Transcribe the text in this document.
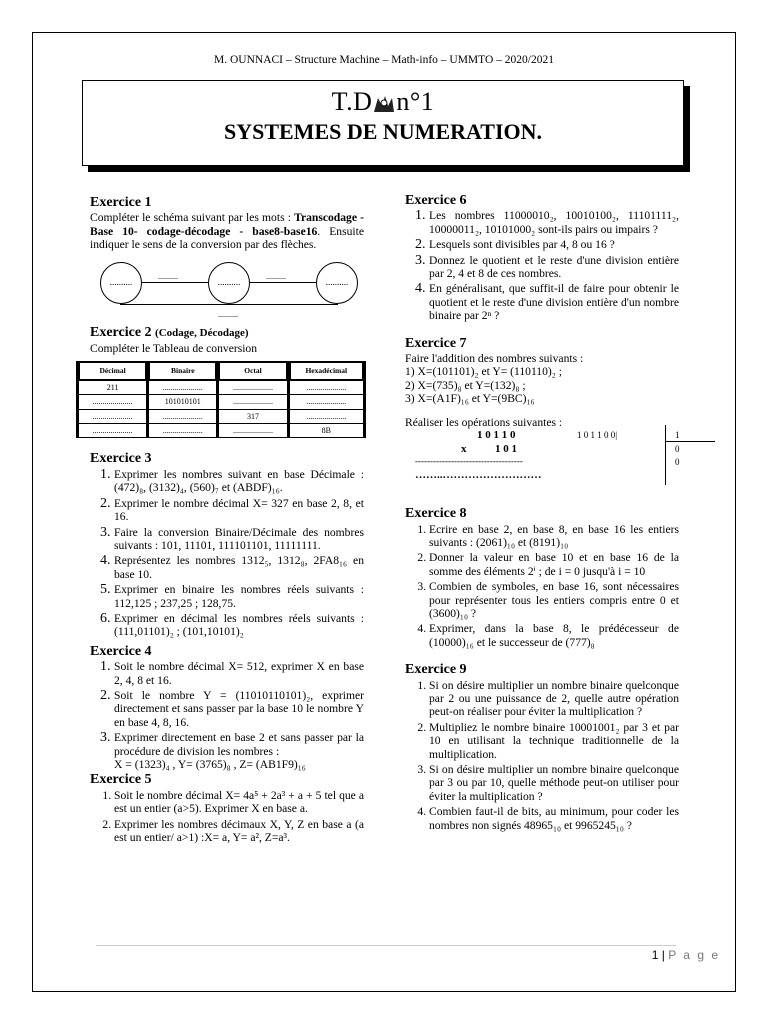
M. OUNNACI – Structure Machine – Math-info – UMMTO – 2020/2021
T.D n°1
SYSTEMES DE NUMERATION.
Exercice 1

Compléter le schéma suivant par les mots : Transcodage -Base 10- codage-décodage - base8-base16. Ensuite indiquer le sens de la conversion par des flèches.

..........	..........	..........
..........	..........
..........
Exercice 2 (Codage, Décodage)

Compléter le Tableau de conversion

Décimal	Binaire	Octal	Hexadécimal
211	....................	....................	....................
....................	101010101	....................	....................
....................	....................	317	....................
....................	....................	....................	8B
Exercice 3
1. Exprimer les nombres suivant en base Décimale :(472)₈, (3132)₄, (560)₇ et (ABDF)₁₆.
2. Exprimer le nombre décimal X= 327 en base 2, 8, et 16.
3. Faire la conversion Binaire/Décimale des nombres suivants : 101, 11101, 111101101, 11111111.
4. Représentez les nombres 1312₅, 1312₈, 2FA8₁₆ en base 10.
5. Exprimer en binaire les nombres réels suivants : 112,125 ; 237,25 ; 128,75.
6. Exprimer en décimal les nombres réels suivants : (111,01101)₂ ; (101,10101)₂
Exercice 4
1. Soit le nombre décimal X= 512, exprimer X en base 2, 4, 8 et 16.
2. Soit le nombre Y = (11010110101)₂, exprimer directement et sans passer par la base 10 le nombre Y en base 4, 8, 16.
3. Exprimer directement en base 2 et sans passer par la procédure de division les nombres :
X = (1323)₄ , Y= (3765)₈ , Z= (AB1F9)₁₆
Exercice 5
1. Soit le nombre décimal X= 4a⁵ + 2a³ + a + 5 tel que a est un entier (a>5). Exprimer X en base a.
2. Exprimer les nombres décimaux X, Y, Z en base a (a est un entier/ a>1) :X= a, Y= a², Z=a³.
Exercice 6
1. Les nombres 11000010₂, 10010100₂, 11101111₂, 10000011₂, 10101000₂ sont-ils pairs ou impairs ?
2. Lesquels sont divisibles par 4, 8 ou 16 ?
3. Donnez le quotient et le reste d'une division entière par 2, 4 et 8 de ces nombres.
4. En généralisant, que suffit-il de faire pour obtenir le quotient et le reste d'une division entière d'un nombre binaire par 2ⁿ ?
Exercice 7

Faire l'addition des nombres suivants :

1) X=(101101)₂ et Y= (110110)₂ ;

2) X=(735)₈ et Y=(132)₈ ;

3) X=(A1F)₁₆ et Y=(9BC)₁₆

Réaliser les opérations suivantes :

1 0 1 1 0
x	1 0 1
------------------------------------
……..………………………
1 0 1 1 0 0|	1 0 0
Exercice 8
1. Ecrire en base 2, en base 8, en base 16 les entiers suivants : (2061)₁₀ et (8191)₁₀
2. Donner la valeur en base 10 et en base 16 de la somme des éléments 2ⁱ ; de i = 0 jusqu'à i = 10
3. Combien de symboles, en base 16, sont nécessaires pour représenter tous les entiers compris entre 0 et (3600)₁₀ ?
4. Exprimer, dans la base 8, le prédécesseur de (10000)₁₆ et le successeur de (777)₈
Exercice 9
1. Si on désire multiplier un nombre binaire quelconque par 2 ou une puissance de 2, quelle autre opération peut-on réaliser pour éviter la multiplication ?
2. Multipliez le nombre binaire 10001001₂ par 3 et par 10 en utilisant la technique traditionnelle de la multiplication.
3. Si on désire multiplier un nombre binaire quelconque par 3 ou par 10, quelle méthode peut-on utiliser pour éviter la multiplication ?
4. Combien faut-il de bits, au minimum, pour coder les nombres non signés 48965₁₀ et 9965245₁₀ ?
1 | P a g e
